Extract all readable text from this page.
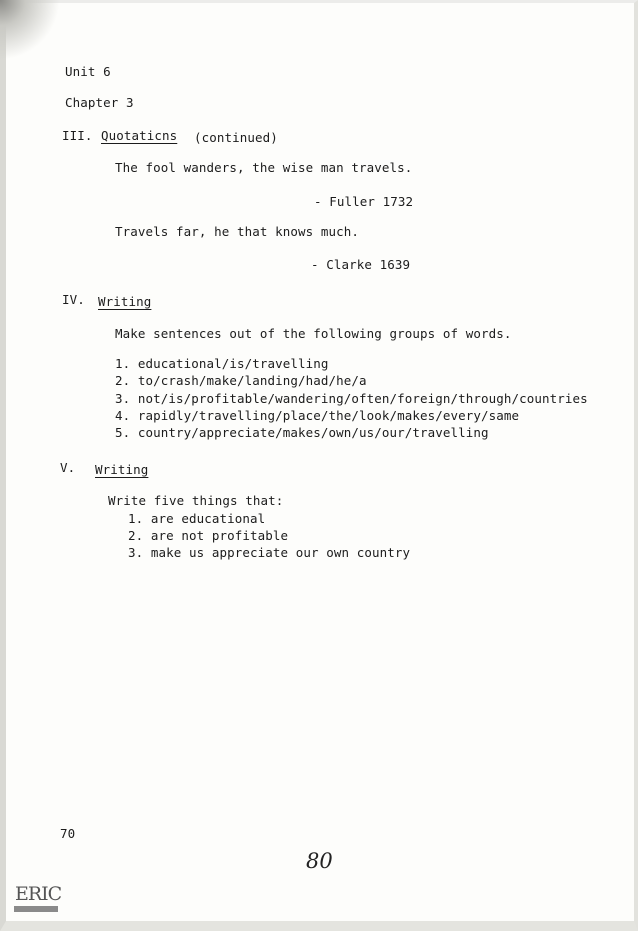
Unit 6
Chapter 3
III. Quotaticns (continued)
The fool wanders, the wise man travels.
- Fuller 1732
Travels far, he that knows much.
- Clarke 1639
IV. Writing
Make sentences out of the following groups of words.
1. educational/is/travelling
2. to/crash/make/landing/had/he/a
3. not/is/profitable/wandering/often/foreign/through/countries
4. rapidly/travelling/place/the/look/makes/every/same
5. country/appreciate/makes/own/us/our/travelling
V. Writing
Write five things that:
1. are educational
2. are not profitable
3. make us appreciate our own country
70
80
ERIC
